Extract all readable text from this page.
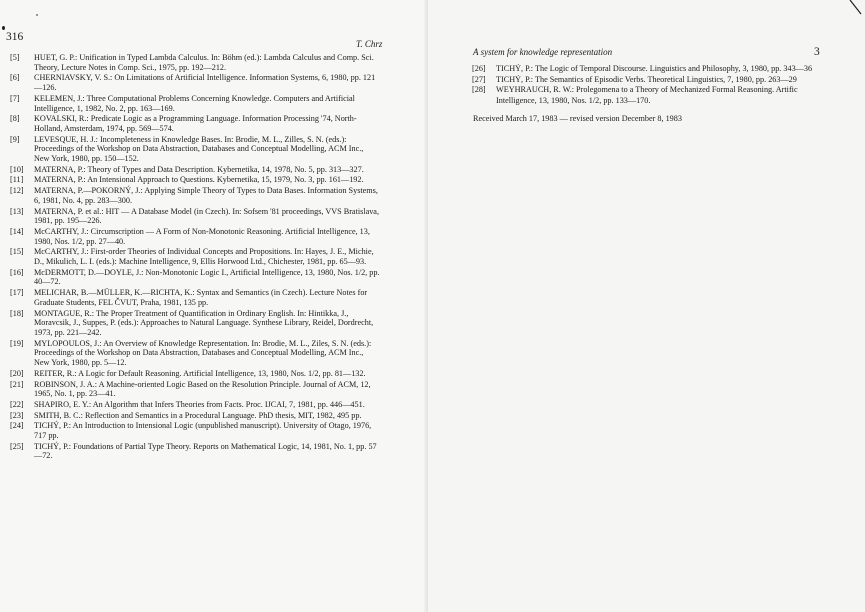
316
T. Chrz
[5] HUET, G. P.: Unification in Typed Lambda Calculus. In: Böhm (ed.): Lambda Calculus and Comp. Sci. Theory, Lecture Notes in Comp. Sci., 1975, pp. 192—212.
[6] CHERNIAVSKY, V. S.: On Limitations of Artificial Intelligence. Information Systems, 6, 1980, pp. 121—126.
[7] KELEMEN, J.: Three Computational Problems Concerning Knowledge. Computers and Artificial Intelligence, 1, 1982, No. 2, pp. 163—169.
[8] KOVALSKI, R.: Predicate Logic as a Programming Language. Information Processing '74, North-Holland, Amsterdam, 1974, pp. 569—574.
[9] LEVESQUE, H. J.: Incompleteness in Knowledge Bases. In: Brodie, M. L., Zilles, S. N. (eds.): Proceedings of the Workshop on Data Abstraction, Databases and Conceptual Modelling, ACM Inc., New York, 1980, pp. 150—152.
[10] MATERNA, P.: Theory of Types and Data Description. Kybernetika, 14, 1978, No. 5, pp. 313—327.
[11] MATERNA, P.: An Intensional Approach to Questions. Kybernetika, 15, 1979, No. 3, pp. 161—192.
[12] MATERNA, P.—POKORNÝ, J.: Applying Simple Theory of Types to Data Bases. Information Systems, 6, 1981, No. 4, pp. 283—300.
[13] MATERNA, P. et al.: HIT — A Database Model (in Czech). In: Sofsem '81 proceedings, VVS Bratislava, 1981, pp. 195—226.
[14] McCARTHY, J.: Circumscription — A Form of Non-Monotonic Reasoning. Artificial Intelligence, 13, 1980, Nos. 1/2, pp. 27—40.
[15] McCARTHY, J.: First-order Theories of Individual Concepts and Propositions. In: Hayes, J. E., Michie, D., Mikulich, L. I. (eds.): Machine Intelligence, 9, Ellis Horwood Ltd., Chichester, 1981, pp. 65—93.
[16] McDERMOTT, D.—DOYLE, J.: Non-Monotonic Logic I., Artificial Intelligence, 13, 1980, Nos. 1/2, pp. 40—72.
[17] MELICHAR, B.—MÜLLER, K.—RICHTA, K.: Syntax and Semantics (in Czech). Lecture Notes for Graduate Students, FEL ČVUT, Praha, 1981, 135 pp.
[18] MONTAGUE, R.: The Proper Treatment of Quantification in Ordinary English. In: Hintikka, J., Moravcsik, J., Suppes, P. (eds.): Approaches to Natural Language. Synthese Library, Reidel, Dordrecht, 1973, pp. 221—242.
[19] MYLOPOULOS, J.: An Overview of Knowledge Representation. In: Brodie, M. L., Ziles, S. N. (eds.): Proceedings of the Workshop on Data Abstraction, Databases and Conceptual Modelling, ACM Inc., New York, 1980, pp. 5—12.
[20] REITER, R.: A Logic for Default Reasoning. Artificial Intelligence, 13, 1980, Nos. 1/2, pp. 81—132.
[21] ROBINSON, J. A.: A Machine-oriented Logic Based on the Resolution Principle. Journal of ACM, 12, 1965, No. 1, pp. 23—41.
[22] SHAPIRO, E. Y.: An Algorithm that Infers Theories from Facts. Proc. IJCAI, 7, 1981, pp. 446—451.
[23] SMITH, B. C.: Reflection and Semantics in a Procedural Language. PhD thesis, MIT, 1982, 495 pp.
[24] TICHÝ, P.: An Introduction to Intensional Logic (unpublished manuscript). University of Otago, 1976, 717 pp.
[25] TICHÝ, P.: Foundations of Partial Type Theory. Reports on Mathematical Logic, 14, 1981, No. 1, pp. 57—72.
A system for knowledge representation	3
[26] TICHÝ, P.: The Logic of Temporal Discourse. Linguistics and Philosophy, 3, 1980, pp. 343—36
[27] TICHÝ, P.: The Semantics of Episodic Verbs. Theoretical Linguistics, 7, 1980, pp. 263—29
[28] WEYHRAUCH, R. W.: Prolegomena to a Theory of Mechanized Formal Reasoning. Artific
Intelligence, 13, 1980, Nos. 1/2, pp. 133—170.
Received March 17, 1983 — revised version December 8, 1983
